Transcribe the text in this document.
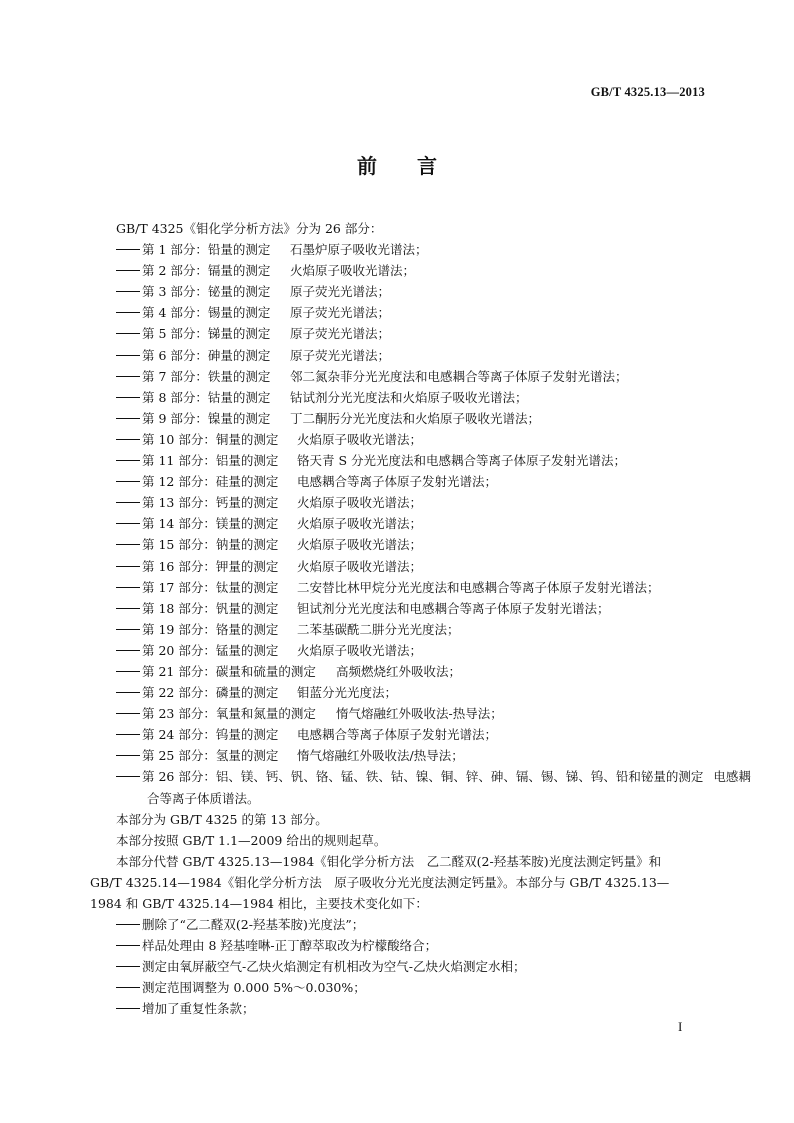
GB/T 4325.13—2013
前 言
GB/T 4325《钼化学分析方法》分为 26 部分：
第 1 部分：铅量的测定 石墨炉原子吸收光谱法；
第 2 部分：镉量的测定 火焰原子吸收光谱法；
第 3 部分：铋量的测定 原子荧光光谱法；
第 4 部分：锡量的测定 原子荧光光谱法；
第 5 部分：锑量的测定 原子荧光光谱法；
第 6 部分：砷量的测定 原子荧光光谱法；
第 7 部分：铁量的测定 邻二氮杂菲分光光度法和电感耦合等离子体原子发射光谱法；
第 8 部分：钴量的测定 钴试剂分光光度法和火焰原子吸收光谱法；
第 9 部分：镍量的测定 丁二酮肟分光光度法和火焰原子吸收光谱法；
第 10 部分：铜量的测定 火焰原子吸收光谱法；
第 11 部分：铝量的测定 铬天青 S 分光光度法和电感耦合等离子体原子发射光谱法；
第 12 部分：硅量的测定 电感耦合等离子体原子发射光谱法；
第 13 部分：钙量的测定 火焰原子吸收光谱法；
第 14 部分：镁量的测定 火焰原子吸收光谱法；
第 15 部分：钠量的测定 火焰原子吸收光谱法；
第 16 部分：钾量的测定 火焰原子吸收光谱法；
第 17 部分：钛量的测定 二安替比林甲烷分光光度法和电感耦合等离子体原子发射光谱法；
第 18 部分：钒量的测定 钽试剂分光光度法和电感耦合等离子体原子发射光谱法；
第 19 部分：铬量的测定 二苯基碳酰二肼分光光度法；
第 20 部分：锰量的测定 火焰原子吸收光谱法；
第 21 部分：碳量和硫量的测定 高频燃烧红外吸收法；
第 22 部分：磷量的测定 钼蓝分光光度法；
第 23 部分：氧量和氮量的测定 惰气熔融红外吸收法-热导法；
第 24 部分：钨量的测定 电感耦合等离子体原子发射光谱法；
第 25 部分：氢量的测定 惰气熔融红外吸收法/热导法；
第 26 部分：铝、镁、钙、钒、铬、锰、铁、钴、镍、铜、锌、砷、镉、锡、锑、钨、铅和铋量的测定 电感耦
合等离子体质谱法。
本部分为 GB/T 4325 的第 13 部分。
本部分按照 GB/T 1.1—2009 给出的规则起草。
本部分代替 GB/T 4325.13—1984《钼化学分析方法　乙二醛双(2-羟基苯胺)光度法测定钙量》和
GB/T 4325.14—1984《钼化学分析方法　原子吸收分光光度法测定钙量》。本部分与 GB/T 4325.13—
1984 和 GB/T 4325.14—1984 相比，主要技术变化如下：
删除了“乙二醛双(2-羟基苯胺)光度法”；
样品处理由 8 羟基喹啉-正丁醇萃取改为柠檬酸络合；
测定由氧屏蔽空气-乙炔火焰测定有机相改为空气-乙炔火焰测定水相；
测定范围调整为 0.000 5%～0.030%；
增加了重复性条款；
I
